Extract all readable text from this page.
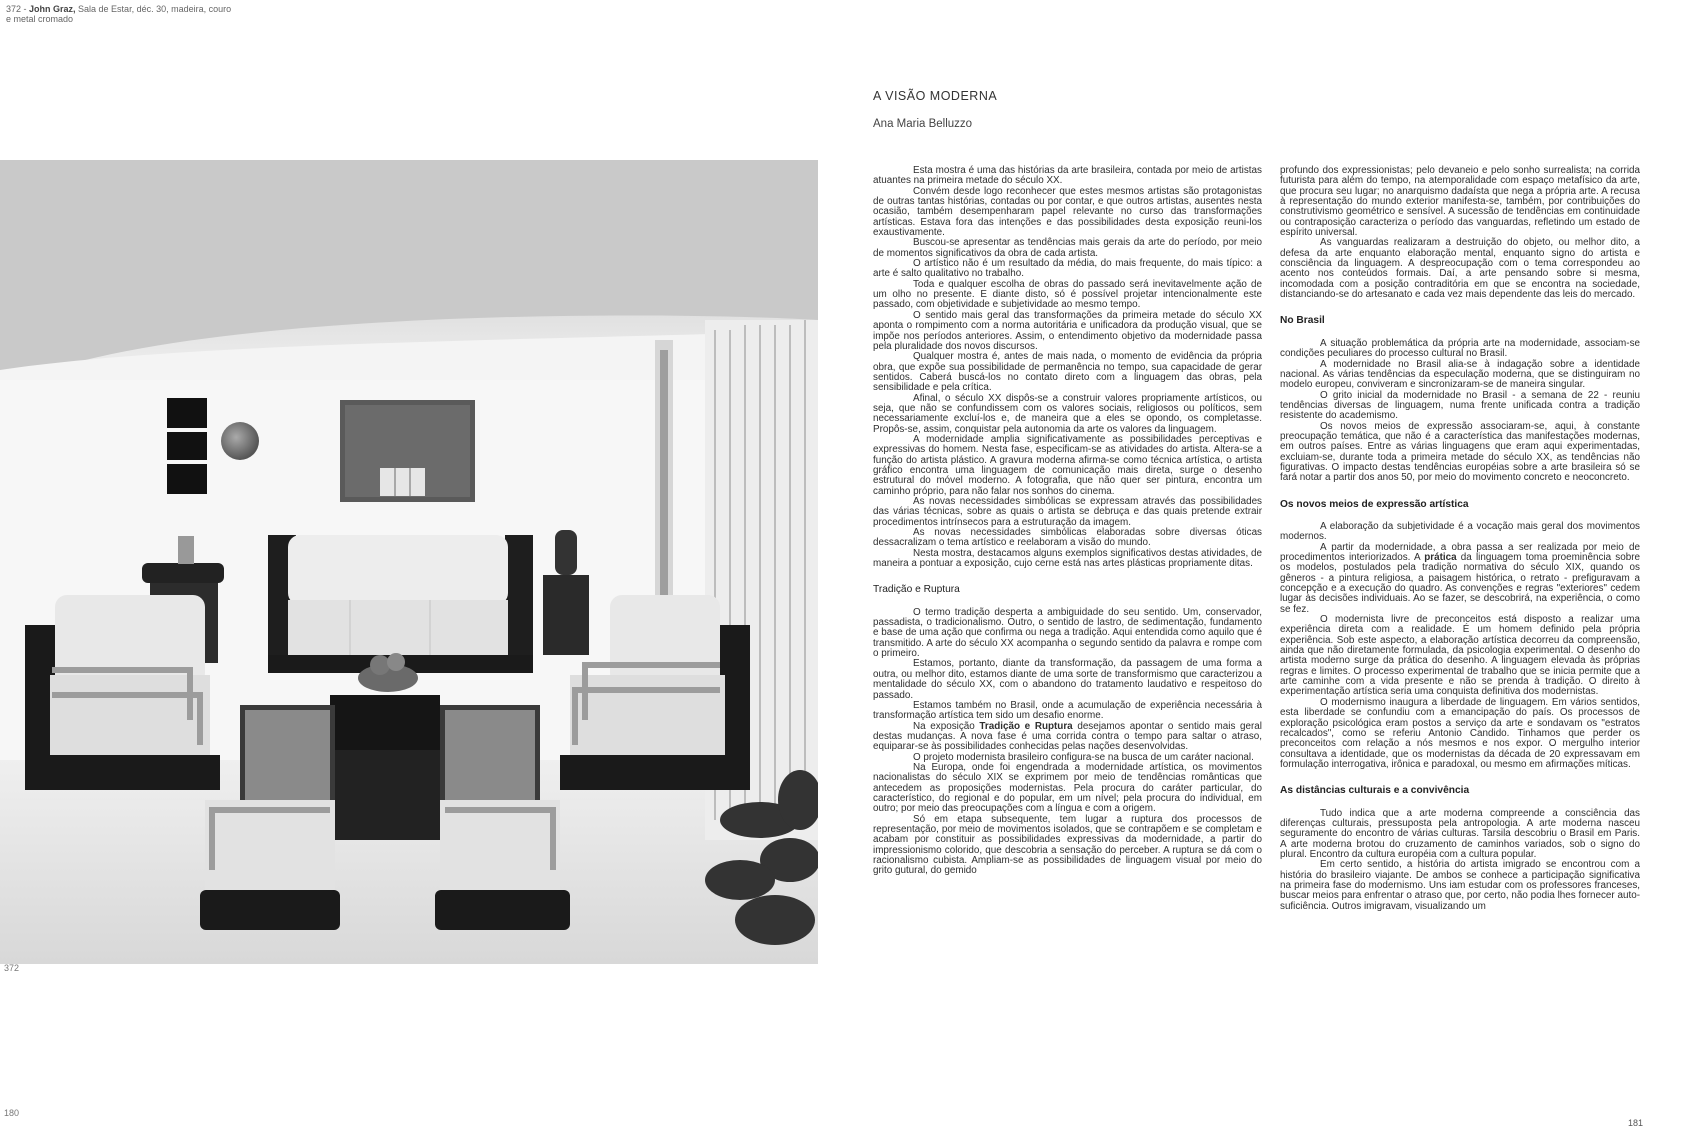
372 - John Graz, Sala de Estar, déc. 30, madeira, couro
e metal cromado
A VISÃO MODERNA
Ana Maria Belluzzo
372
180
181

Esta mostra é uma das histórias da arte brasileira, contada por meio de artistas atuantes na primeira metade do século XX.

Convém desde logo reconhecer que estes mesmos artistas são protagonistas de outras tantas histórias, contadas ou por contar, e que outros artistas, ausentes nesta ocasião, também desempenharam papel relevante no curso das transformações artísticas. Estava fora das intenções e das possibilidades desta exposição reuni-los exaustivamente.

Buscou-se apresentar as tendências mais gerais da arte do período, por meio de momentos significativos da obra de cada artista.

O artístico não é um resultado da média, do mais frequente, do mais típico: a arte é salto qualitativo no trabalho.

Toda e qualquer escolha de obras do passado será inevitavelmente ação de um olho no presente. E diante disto, só é possível projetar intencionalmente este passado, com objetividade e subjetividade ao mesmo tempo.

O sentido mais geral das transformações da primeira metade do século XX aponta o rompimento com a norma autoritária e unificadora da produção visual, que se impõe nos períodos anteriores. Assim, o entendimento objetivo da modernidade passa pela pluralidade dos novos discursos.

Qualquer mostra é, antes de mais nada, o momento de evidência da própria obra, que expõe sua possibilidade de permanência no tempo, sua capacidade de gerar sentidos. Caberá buscá-los no contato direto com a linguagem das obras, pela sensibilidade e pela crítica.

Afinal, o século XX dispôs-se a construir valores propriamente artísticos, ou seja, que não se confundissem com os valores sociais, religiosos ou políticos, sem necessariamente excluí-los e, de maneira que a eles se opondo, os completasse. Propôs-se, assim, conquistar pela autonomia da arte os valores da linguagem.

A modernidade amplia significativamente as possibilidades perceptivas e expressivas do homem. Nesta fase, especificam-se as atividades do artista. Altera-se a função do artista plástico. A gravura moderna afirma-se como técnica artística, o artista gráfico encontra uma linguagem de comunicação mais direta, surge o desenho estrutural do móvel moderno. A fotografia, que não quer ser pintura, encontra um caminho próprio, para não falar nos sonhos do cinema.

As novas necessidades simbólicas se expressam através das possibilidades das várias técnicas, sobre as quais o artista se debruça e das quais pretende extrair procedimentos intrínsecos para a estruturação da imagem.

As novas necessidades simbólicas elaboradas sobre diversas óticas dessacralizam o tema artístico e reelaboram a visão do mundo.

Nesta mostra, destacamos alguns exemplos significativos destas atividades, de maneira a pontuar a exposição, cujo cerne está nas artes plásticas propriamente ditas.

Tradição e Ruptura

O termo tradição desperta a ambiguidade do seu sentido. Um, conservador, passadista, o tradicionalismo. Outro, o sentido de lastro, de sedimentação, fundamento e base de uma ação que confirma ou nega a tradição. Aqui entendida como aquilo que é transmitido. A arte do século XX acompanha o segundo sentido da palavra e rompe com o primeiro.

Estamos, portanto, diante da transformação, da passagem de uma forma a outra, ou melhor dito, estamos diante de uma sorte de transformismo que caracterizou a mentalidade do século XX, com o abandono do tratamento laudativo e respeitoso do passado.

Estamos também no Brasil, onde a acumulação de experiência necessária à transformação artística tem sido um desafio enorme.

Na exposição Tradição e Ruptura desejamos apontar o sentido mais geral destas mudanças. A nova fase é uma corrida contra o tempo para saltar o atraso, equiparar-se às possibilidades conhecidas pelas nações desenvolvidas.

O projeto modernista brasileiro configura-se na busca de um caráter nacional.

Na Europa, onde foi engendrada a modernidade artística, os movimentos nacionalistas do século XIX se exprimem por meio de tendências românticas que antecedem as proposições modernistas. Pela procura do caráter particular, do característico, do regional e do popular, em um nível; pela procura do individual, em outro; por meio das preocupações com a língua e com a origem.

Só em etapa subsequente, tem lugar a ruptura dos processos de representação, por meio de movimentos isolados, que se contrapõem e se completam e acabam por constituir as possibilidades expressivas da modernidade, a partir do impressionismo colorido, que descobria a sensação do perceber. A ruptura se dá com o racionalismo cubista. Ampliam-se as possibilidades de linguagem visual por meio do grito gutural, do gemido

profundo dos expressionistas; pelo devaneio e pelo sonho surrealista; na corrida futurista para além do tempo, na atemporalidade com espaço metafísico da arte, que procura seu lugar; no anarquismo dadaísta que nega a própria arte. A recusa à representação do mundo exterior manifesta-se, também, por contribuições do construtivismo geométrico e sensível. A sucessão de tendências em continuidade ou contraposição caracteriza o período das vanguardas, refletindo um estado de espírito universal.

As vanguardas realizaram a destruição do objeto, ou melhor dito, a defesa da arte enquanto elaboração mental, enquanto signo do artista e consciência da linguagem. A despreocupação com o tema correspondeu ao acento nos conteúdos formais. Daí, a arte pensando sobre si mesma, incomodada com a posição contraditória em que se encontra na sociedade, distanciando-se do artesanato e cada vez mais dependente das leis do mercado.

No Brasil

A situação problemática da própria arte na modernidade, associam-se condições peculiares do processo cultural no Brasil.

A modernidade no Brasil alia-se à indagação sobre a identidade nacional. As várias tendências da especulação moderna, que se distinguiram no modelo europeu, conviveram e sincronizaram-se de maneira singular.

O grito inicial da modernidade no Brasil - a semana de 22 - reuniu tendências diversas de linguagem, numa frente unificada contra a tradição resistente do academismo.

Os novos meios de expressão associaram-se, aqui, à constante preocupação temática, que não é a característica das manifestações modernas, em outros países. Entre as várias linguagens que eram aqui experimentadas, excluiam-se, durante toda a primeira metade do século XX, as tendências não figurativas. O impacto destas tendências européias sobre a arte brasileira só se fará notar a partir dos anos 50, por meio do movimento concreto e neoconcreto.

Os novos meios de expressão artística

A elaboração da subjetividade é a vocação mais geral dos movimentos modernos.

A partir da modernidade, a obra passa a ser realizada por meio de procedimentos interiorizados. A prática da linguagem toma proeminência sobre os modelos, postulados pela tradição normativa do século XIX, quando os gêneros - a pintura religiosa, a paisagem histórica, o retrato - prefiguravam a concepção e a execução do quadro. As convenções e regras "exteriores" cedem lugar às decisões individuais. Ao se fazer, se descobrirá, na experiência, o como se fez.

O modernista livre de preconceitos está disposto a realizar uma experiência direta com a realidade. É um homem definido pela própria experiência. Sob este aspecto, a elaboração artística decorreu da compreensão, ainda que não diretamente formulada, da psicologia experimental. O desenho do artista moderno surge da prática do desenho. A linguagem elevada às próprias regras e limites. O processo experimental de trabalho que se inicia permite que a arte caminhe com a vida presente e não se prenda à tradição. O direito à experimentação artística seria uma conquista definitiva dos modernistas.

O modernismo inaugura a liberdade de linguagem. Em vários sentidos, esta liberdade se confundiu com a emancipação do país. Os processos de exploração psicológica eram postos a serviço da arte e sondavam os "estratos recalcados", como se referiu Antonio Candido. Tinhamos que perder os preconceitos com relação a nós mesmos e nos expor. O mergulho interior consultava a identidade, que os modernistas da década de 20 expressavam em formulação interrogativa, irônica e paradoxal, ou mesmo em afirmações míticas.

As distâncias culturais e a convivência

Tudo indica que a arte moderna compreende a consciência das diferenças culturais, pressuposta pela antropologia. A arte moderna nasceu seguramente do encontro de várias culturas. Tarsila descobriu o Brasil em Paris. A arte moderna brotou do cruzamento de caminhos variados, sob o signo do plural. Encontro da cultura européia com a cultura popular.

Em certo sentido, a história do artista imigrado se encontrou com a história do brasileiro viajante. De ambos se conhece a participação significativa na primeira fase do modernismo. Uns iam estudar com os professores franceses, buscar meios para enfrentar o atraso que, por certo, não podia lhes fornecer auto-suficiência. Outros imigravam, visualizando um
